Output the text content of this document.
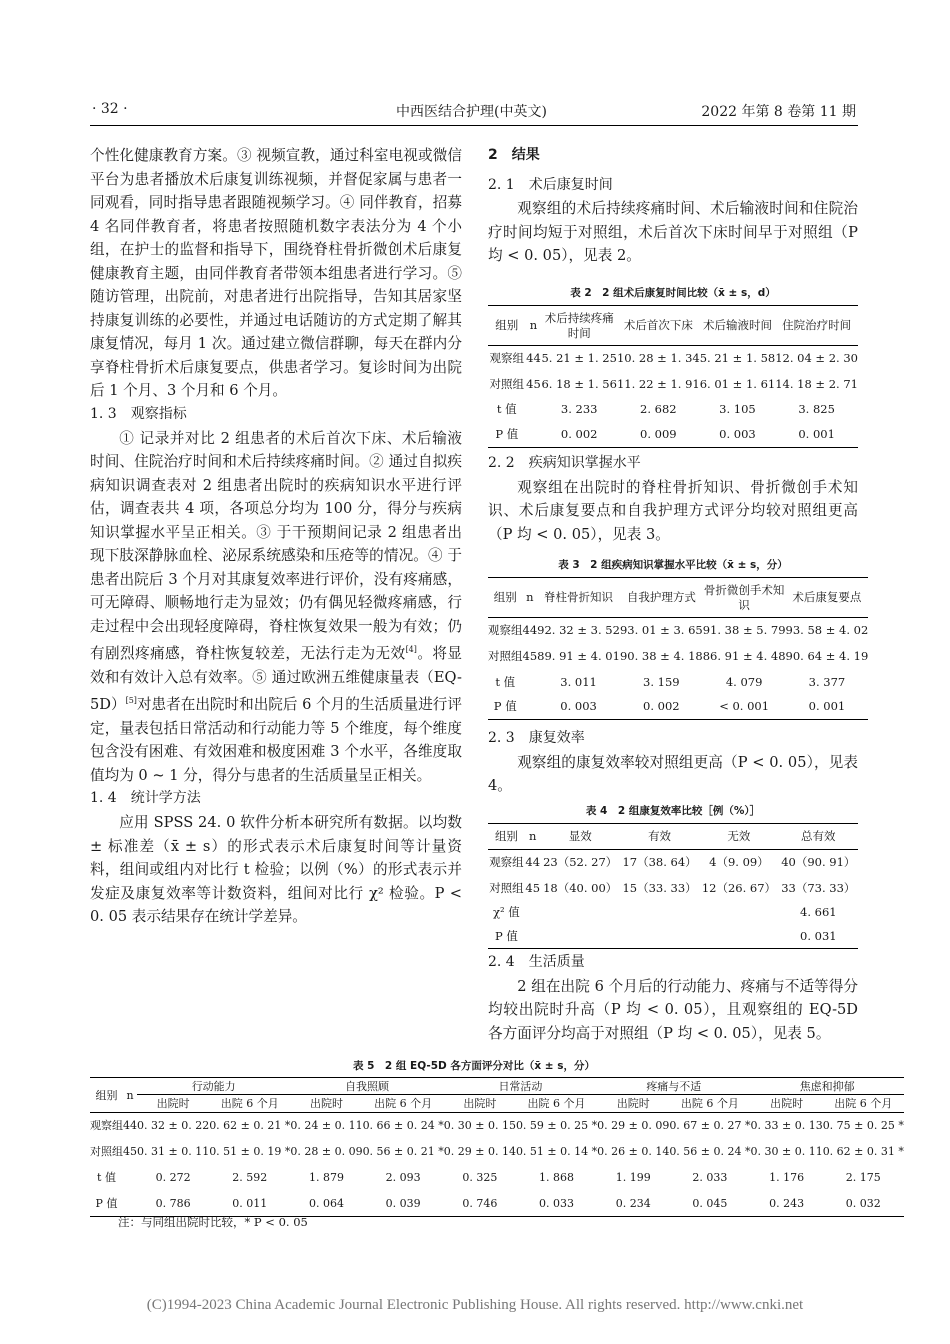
· 32 ·	中西医结合护理(中英文)	2022 年第 8 卷第 11 期

个性化健康教育方案。③ 视频宣教，通过科室电视或微信平台为患者播放术后康复训练视频，并督促家属与患者一同观看，同时指导患者跟随视频学习。④ 同伴教育，招募 4 名同伴教育者，将患者按照随机数字表法分为 4 个小组，在护士的监督和指导下，围绕脊柱骨折微创术后康复健康教育主题，由同伴教育者带领本组患者进行学习。⑤ 随访管理，出院前，对患者进行出院指导，告知其居家坚持康复训练的必要性，并通过电话随访的方式定期了解其康复情况，每月 1 次。通过建立微信群聊，每天在群内分享脊柱骨折术后康复要点，供患者学习。复诊时间为出院后 1 个月、3 个月和 6 个月。

1. 3　观察指标

① 记录并对比 2 组患者的术后首次下床、术后输液时间、住院治疗时间和术后持续疼痛时间。② 通过自拟疾病知识调查表对 2 组患者出院时的疾病知识水平进行评估，调查表共 4 项，各项总分均为 100 分，得分与疾病知识掌握水平呈正相关。③ 于干预期间记录 2 组患者出现下肢深静脉血栓、泌尿系统感染和压疮等的情况。④ 于患者出院后 3 个月对其康复效率进行评价，没有疼痛感，可无障碍、顺畅地行走为显效；仍有偶见轻微疼痛感，行走过程中会出现轻度障碍，脊柱恢复效果一般为有效；仍有剧烈疼痛感，脊柱恢复较差，无法行走为无效[4]。将显效和有效计入总有效率。⑤ 通过欧洲五维健康量表（EQ-5D）[5]对患者在出院时和出院后 6 个月的生活质量进行评定，量表包括日常活动和行动能力等 5 个维度，每个维度包含没有困难、有效困难和极度困难 3 个水平，各维度取值均为 0 ~ 1 分，得分与患者的生活质量呈正相关。

1. 4　统计学方法

应用 SPSS 24. 0 软件分析本研究所有数据。以均数 ± 标准差（x̄ ± s）的形式表示术后康复时间等计量资料，组间或组内对比行 t 检验；以例（%）的形式表示并发症及康复效率等计数资料，组间对比行 χ² 检验。P < 0. 05 表示结果存在统计学差异。

2　结果

2. 1　术后康复时间

观察组的术后持续疼痛时间、术后输液时间和住院治疗时间均短于对照组，术后首次下床时间早于对照组（P 均 < 0. 05），见表 2。

表 2　2 组术后康复时间比较（x̄ ± s，d）
组别	n	术后持续疼痛时间	术后首次下床	术后输液时间	住院治疗时间
观察组	44	5. 21 ± 1. 25	10. 28 ± 1. 34	5. 21 ± 1. 58	12. 04 ± 2. 30
对照组	45	6. 18 ± 1. 56	11. 22 ± 1. 91	6. 01 ± 1. 61	14. 18 ± 2. 71
t 值		3. 233	2. 682	3. 105	3. 825
P 值		0. 002	0. 009	0. 003	0. 001

2. 2　疾病知识掌握水平

观察组在出院时的脊柱骨折知识、骨折微创手术知识、术后康复要点和自我护理方式评分均较对照组更高（P 均 < 0. 05），见表 3。

表 3　2 组疾病知识掌握水平比较（x̄ ± s，分）
组别	n	脊柱骨折知识	自我护理方式	骨折微创手术知识	术后康复要点
观察组	44	92. 32 ± 3. 52	93. 01 ± 3. 65	91. 38 ± 5. 79	93. 58 ± 4. 02
对照组	45	89. 91 ± 4. 01	90. 38 ± 4. 18	86. 91 ± 4. 48	90. 64 ± 4. 19
t 值		3. 011	3. 159	4. 079	3. 377
P 值		0. 003	0. 002	< 0. 001	0. 001

2. 3　康复效率

观察组的康复效率较对照组更高（P < 0. 05），见表 4。

表 4　2 组康复效率比较［例（%）］
组别	n	显效	有效	无效	总有效
观察组	44	23（52. 27）	17（38. 64）	4（9. 09）	40（90. 91）
对照组	45	18（40. 00）	15（33. 33）	12（26. 67）	33（73. 33）
χ² 值					4. 661
P 值					0. 031

2. 4　生活质量

2 组在出院 6 个月后的行动能力、疼痛与不适等得分均较出院时升高（P 均 < 0. 05），且观察组的 EQ-5D 各方面评分均高于对照组（P 均 < 0. 05），见表 5。

表 5　2 组 EQ-5D 各方面评分对比（x̄ ± s，分）
组别	n	行动能力		自我照顾		日常活动		疼痛与不适		焦虑和抑郁	
		出院时	出院 6 个月	出院时	出院 6 个月	出院时	出院 6 个月	出院时	出院 6 个月	出院时	出院 6 个月
观察组	44	0. 32 ± 0. 22	0. 62 ± 0. 21 *	0. 24 ± 0. 11	0. 66 ± 0. 24 *	0. 30 ± 0. 15	0. 59 ± 0. 25 *	0. 29 ± 0. 09	0. 67 ± 0. 27 *	0. 33 ± 0. 13	0. 75 ± 0. 25 *
对照组	45	0. 31 ± 0. 11	0. 51 ± 0. 19 *	0. 28 ± 0. 09	0. 56 ± 0. 21 *	0. 29 ± 0. 14	0. 51 ± 0. 14 *	0. 26 ± 0. 14	0. 56 ± 0. 24 *	0. 30 ± 0. 11	0. 62 ± 0. 31 *
t 值		0. 272	2. 592	1. 879	2. 093	0. 325	1. 868	1. 199	2. 033	1. 176	2. 175
P 值		0. 786	0. 011	0. 064	0. 039	0. 746	0. 033	0. 234	0. 045	0. 243	0. 032
注：与同组出院时比较，* P < 0. 05
(C)1994-2023 China Academic Journal Electronic Publishing House. All rights reserved. http://www.cnki.net
